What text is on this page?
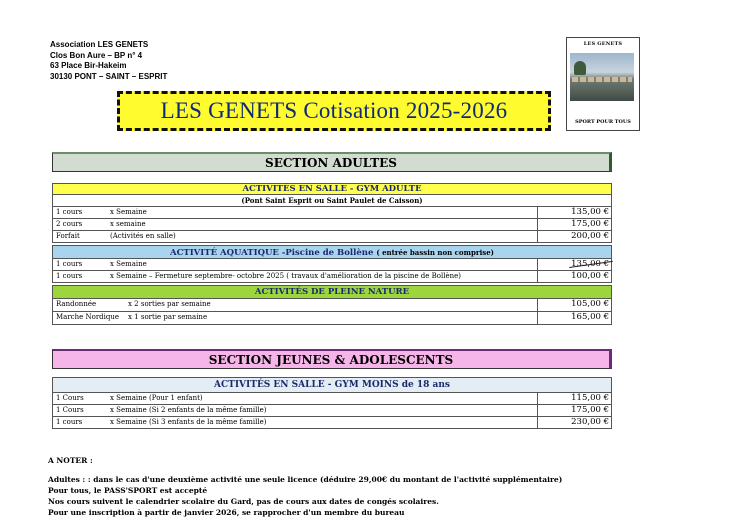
Association LES GENETS
Clos Bon Aure – BP n° 4
63 Place Bir-Hakeim
30130 PONT – SAINT – ESPRIT
LES GENETS
SPORT POUR TOUS
LES GENETS Cotisation 2025-2026
SECTION ADULTES
ACTIVITÉS EN SALLE - GYM ADULTE
(Pont Saint Esprit ou Saint Paulet de Caisson)
1 cours	x Semaine	135,00 €
2 cours	x semaine	175,00 €
Forfait	(Activités en salle)	200,00 €
ACTIVITÉ AQUATIQUE -Piscine de Bollène ( entrée bassin non comprise)
1 cours	x Semaine	135,00 €
1 cours	x Semaine – Fermeture septembre- octobre 2025 ( travaux d'amélioration de la piscine de Bollène)	100,00 €
ACTIVITÉS DE PLEINE NATURE
Randonnée	x 2 sorties par semaine	105,00 €
Marche Nordique	x 1 sortie par semaine	165,00 €
SECTION JEUNES & ADOLESCENTS
ACTIVITÉS EN SALLE - GYM MOINS de 18 ans
1 Cours	x Semaine (Pour 1 enfant)	115,00 €
1 Cours	x Semaine (Si 2 enfants de la même famille)	175,00 €
1 cours	x Semaine (Si 3 enfants de la même famille)	230,00 €
A NOTER :
Adultes : : dans le cas d'une deuxième activité une seule licence (déduire 29,00€ du montant de l'activité supplémentaire)
Pour tous, le PASS'SPORT est accepté
Nos cours suivent le calendrier scolaire du Gard, pas de cours aux dates de congés scolaires.
Pour une inscription à partir de janvier 2026, se rapprocher d'un membre du bureau
